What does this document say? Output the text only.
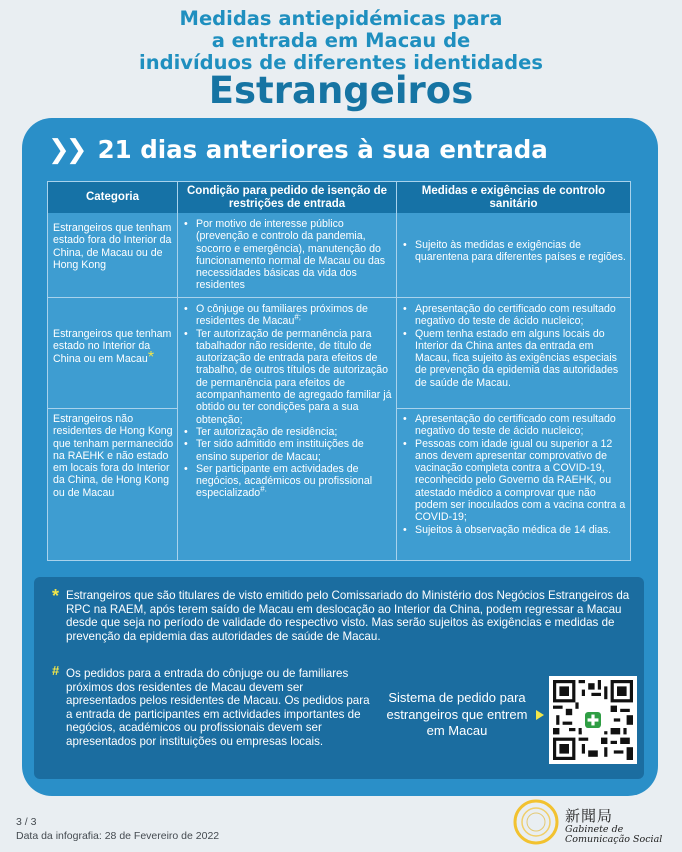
Medidas antiepidémicas para
a entrada em Macau de
indivíduos de diferentes identidades
Estrangeiros
❯❯ 21 dias anteriores à sua entrada
Categoria
Condição para pedido de isenção de restrições de entrada
Medidas e exigências de controlo sanitário
Estrangeiros que tenham estado fora do Interior da China, de Macau ou de Hong Kong
Estrangeiros que tenham estado no Interior da China ou em Macau*
Estrangeiros não residentes de Hong Kong que tenham permanecido na RAEHK e não estado em locais fora do Interior da China, de Hong Kong ou de Macau
• Por motivo de interesse público (prevenção e controlo da pandemia, socorro e emergência), manutenção do funcionamento normal de Macau ou das necessidades básicas da vida dos residentes
• O cônjuge ou familiares próximos de residentes de Macau#;
• Ter autorização de permanência para tabalhador não residente, de título de autorização de entrada para efeitos de trabalho, de outros títulos de autorização de permanência para efeitos de acompanhamento de agregado familiar já obtido ou ter condições para a sua obtenção;
• Ter autorização de residência;
• Ter sido admitido em instituições de ensino superior de Macau;
• Ser participante em actividades de negócios, académicos ou profissional especializado#.
• Sujeito às medidas e exigências de quarentena para diferentes países e regiões.
• Apresentação do certificado com resultado negativo do teste de ácido nucleico;
• Quem tenha estado em alguns locais do Interior da China antes da entrada em Macau, fica sujeito às exigências especiais de prevenção da epidemia das autoridades de saúde de Macau.
• Apresentação do certificado com resultado negativo do teste de ácido nucleico;
• Pessoas com idade igual ou superior a 12 anos devem apresentar comprovativo de vacinação completa contra a COVID-19, reconhecido pelo Governo da RAEHK, ou atestado médico a comprovar que não podem ser inoculados com a vacina contra a COVID-19;
• Sujeitos à observação médica de 14 dias.
* Estrangeiros que são titulares de visto emitido pelo Comissariado do Ministério dos Negócios Estrangeiros da RPC na RAEM, após terem saído de Macau em deslocação ao Interior da China, podem regressar a Macau desde que seja no período de validade do respectivo visto. Mas serão sujeitos às exigências e medidas de prevenção da epidemia das autoridades de saúde de Macau.
# Os pedidos para a entrada do cônjuge ou de familiares próximos dos residentes de Macau devem ser apresentados pelos residentes de Macau. Os pedidos para a entrada de participantes em actividades importantes de negócios, académicos ou profissionais devem ser apresentados por instituições ou empresas locais.
Sistema de pedido para estrangeiros que entrem em Macau
3 / 3
Data da infografia: 28 de Fevereiro de 2022
新聞局
Gabinete de
Comunicação Social
